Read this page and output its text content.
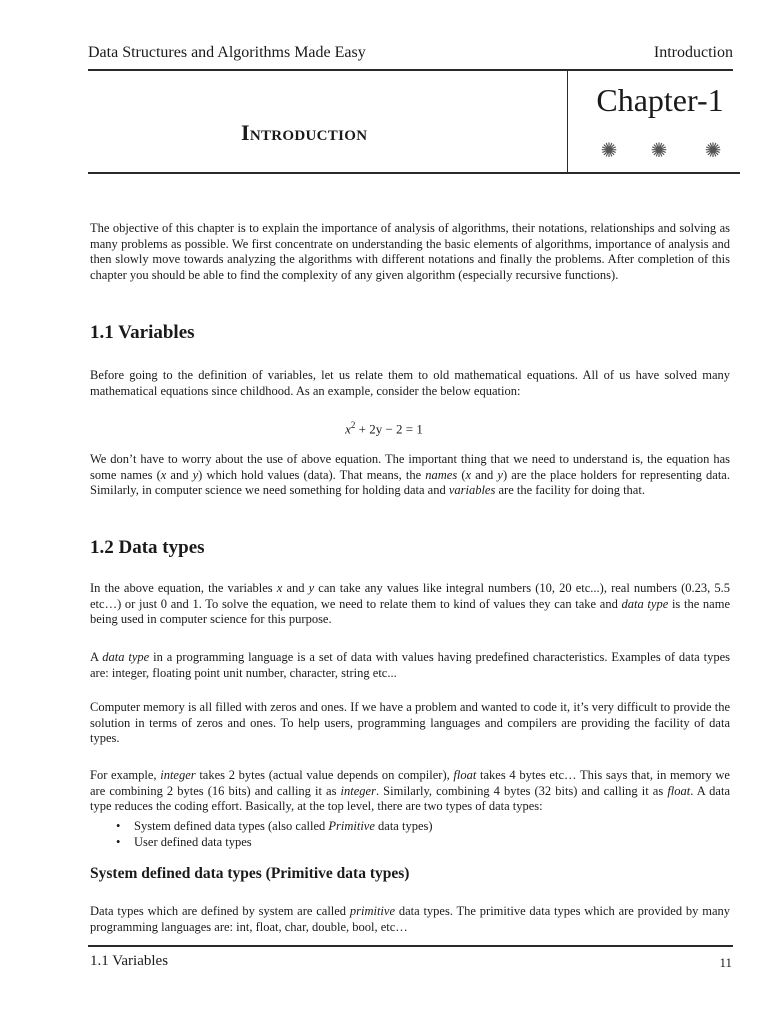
Data Structures and Algorithms Made Easy	Introduction
Introduction
Chapter-1
✺ ✺ ✺
The objective of this chapter is to explain the importance of analysis of algorithms, their notations, relationships and solving as many problems as possible. We first concentrate on understanding the basic elements of algorithms, importance of analysis and then slowly move towards analyzing the algorithms with different notations and finally the problems. After completion of this chapter you should be able to find the complexity of any given algorithm (especially recursive functions).
1.1 Variables
Before going to the definition of variables, let us relate them to old mathematical equations. All of us have solved many mathematical equations since childhood. As an example, consider the below equation:
$x^2 + 2y - 2 = 1$
We don’t have to worry about the use of above equation. The important thing that we need to understand is, the equation has some names (x and y) which hold values (data). That means, the names (x and y) are the place holders for representing data. Similarly, in computer science we need something for holding data and variables are the facility for doing that.
1.2 Data types
In the above equation, the variables x and y can take any values like integral numbers (10, 20 etc...), real numbers (0.23, 5.5 etc…) or just 0 and 1. To solve the equation, we need to relate them to kind of values they can take and data type is the name being used in computer science for this purpose.
A data type in a programming language is a set of data with values having predefined characteristics. Examples of data types are: integer, floating point unit number, character, string etc...
Computer memory is all filled with zeros and ones. If we have a problem and wanted to code it, it’s very difficult to provide the solution in terms of zeros and ones. To help users, programming languages and compilers are providing the facility of data types.
For example, integer takes 2 bytes (actual value depends on compiler), float takes 4 bytes etc… This says that, in memory we are combining 2 bytes (16 bits) and calling it as integer. Similarly, combining 4 bytes (32 bits) and calling it as float. A data type reduces the coding effort. Basically, at the top level, there are two types of data types:
• System defined data types (also called Primitive data types)
• User defined data types
System defined data types (Primitive data types)
Data types which are defined by system are called primitive data types. The primitive data types which are provided by many programming languages are: int, float, char, double, bool, etc…
1.1 Variables	11
